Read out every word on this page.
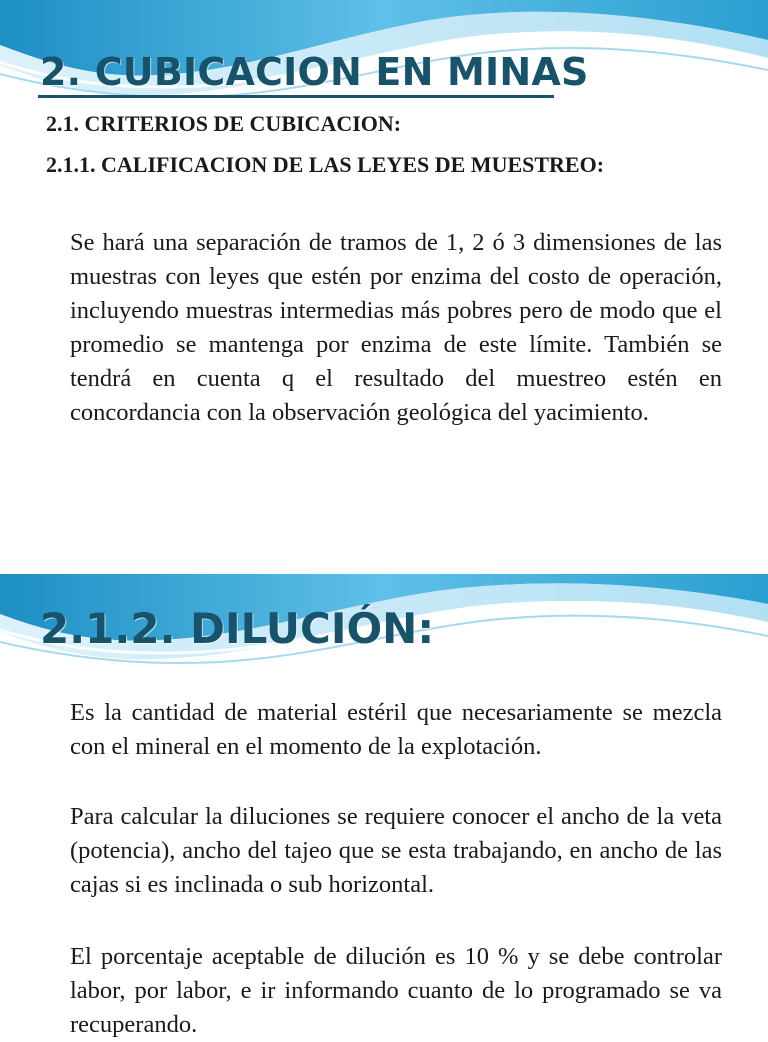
2. CUBICACION EN MINAS
2.1. CRITERIOS DE CUBICACION:
2.1.1. CALIFICACION DE LAS LEYES DE MUESTREO:

Se hará una separación de tramos de 1, 2 ó 3 dimensiones de las muestras con leyes que estén por enzima del costo de operación, incluyendo muestras intermedias más pobres pero de modo que el promedio se mantenga por enzima de este límite. También se tendrá en cuenta q el resultado del muestreo estén en concordancia con la observación geológica del yacimiento.

2.1.2. DILUCIÓN:

Es la cantidad de material estéril que necesariamente se mezcla con el mineral en el momento de la explotación.

Para calcular la diluciones se requiere conocer el ancho de la veta (potencia), ancho del tajeo que se esta trabajando, en ancho de las cajas si es inclinada o sub horizontal.

El porcentaje aceptable de dilución es 10 % y se debe controlar labor, por labor, e ir informando cuanto de lo programado se va recuperando.
